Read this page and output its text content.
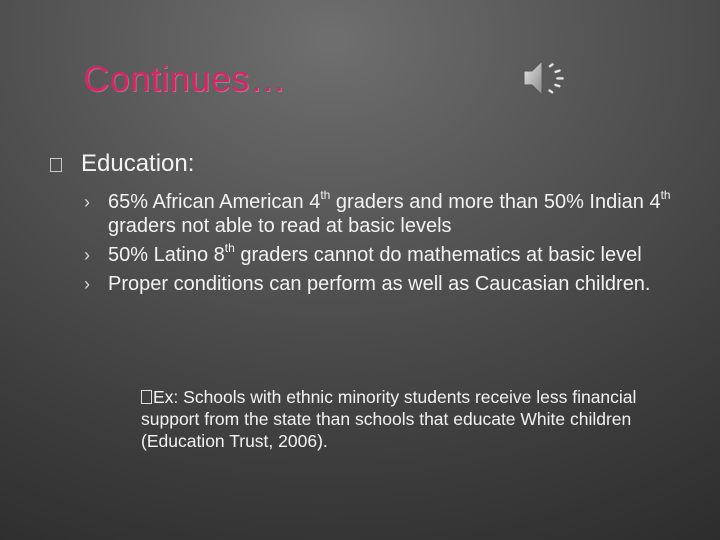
Continues…
Education:
› 65% African American 4th graders and more than 50% Indian 4th graders not able to read at basic levels
› 50% Latino 8th graders cannot do mathematics at basic level
› Proper conditions can perform as well as Caucasian children.
Ex: Schools with ethnic minority students receive less financial support from the state than schools that educate White children (Education Trust, 2006).
